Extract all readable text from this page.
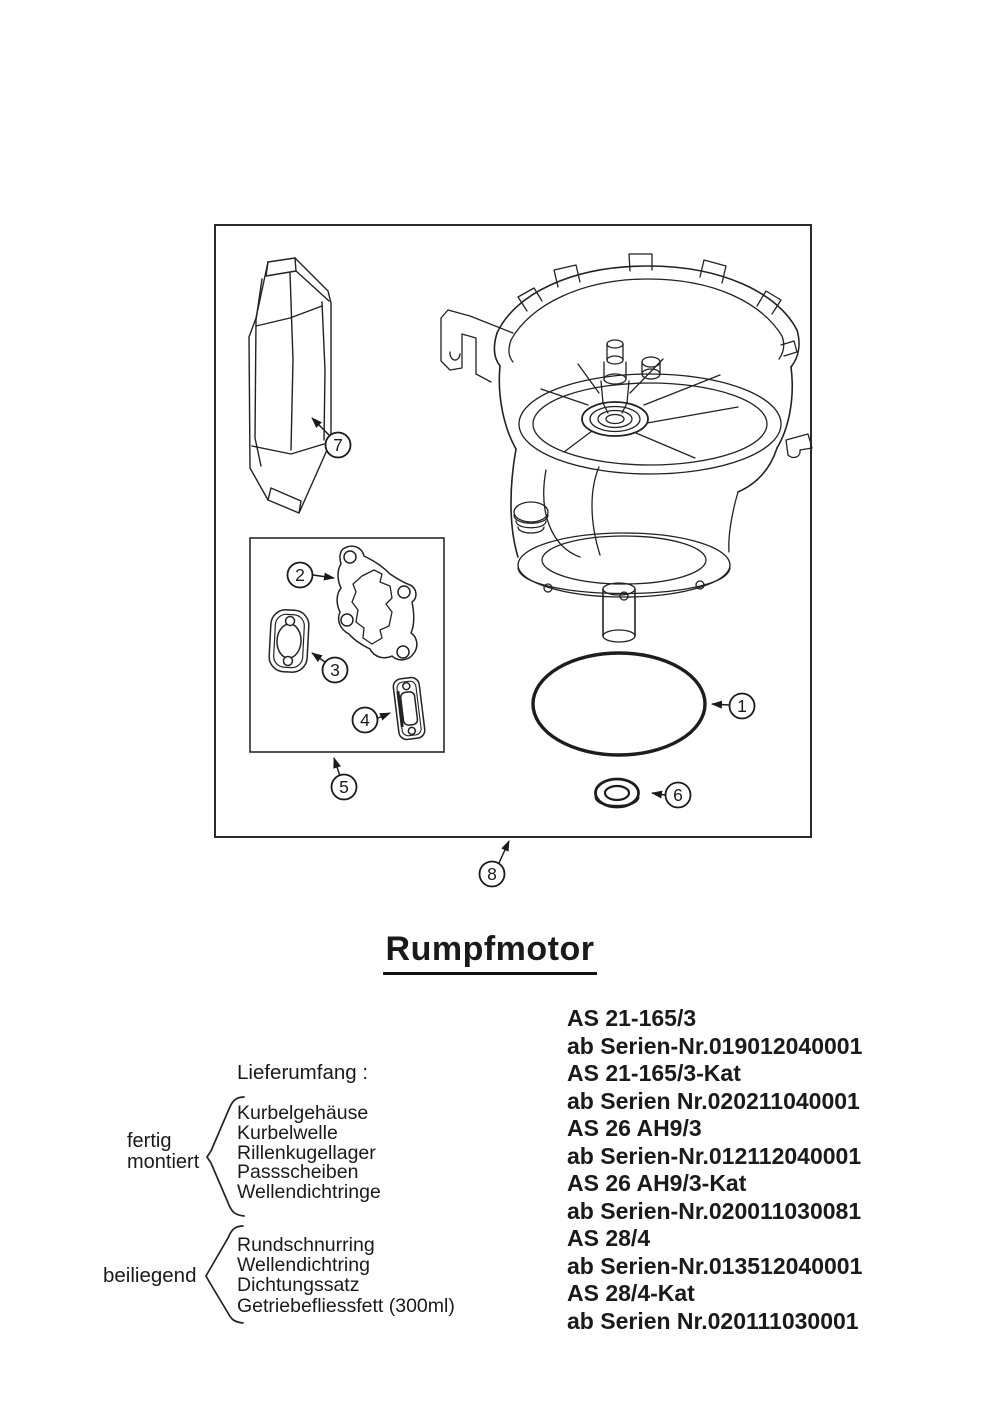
1
2
3
4
5	6
7
8
Rumpfmotor
Lieferumfang :
fertig
montiert
Kurbelgehäuse
Kurbelwelle
Rillenkugellager
Passscheiben
Wellendichtringe
beiliegend
Rundschnurring
Wellendichtring
Dichtungssatz
Getriebefliessfett (300ml)
AS 21-165/3
ab Serien-Nr.019012040001
AS 21-165/3-Kat
ab Serien Nr.020211040001
AS 26 AH9/3
ab Serien-Nr.012112040001
AS 26 AH9/3-Kat
ab Serien-Nr.020011030081
AS 28/4
ab Serien-Nr.013512040001
AS 28/4-Kat
ab Serien Nr.020111030001
